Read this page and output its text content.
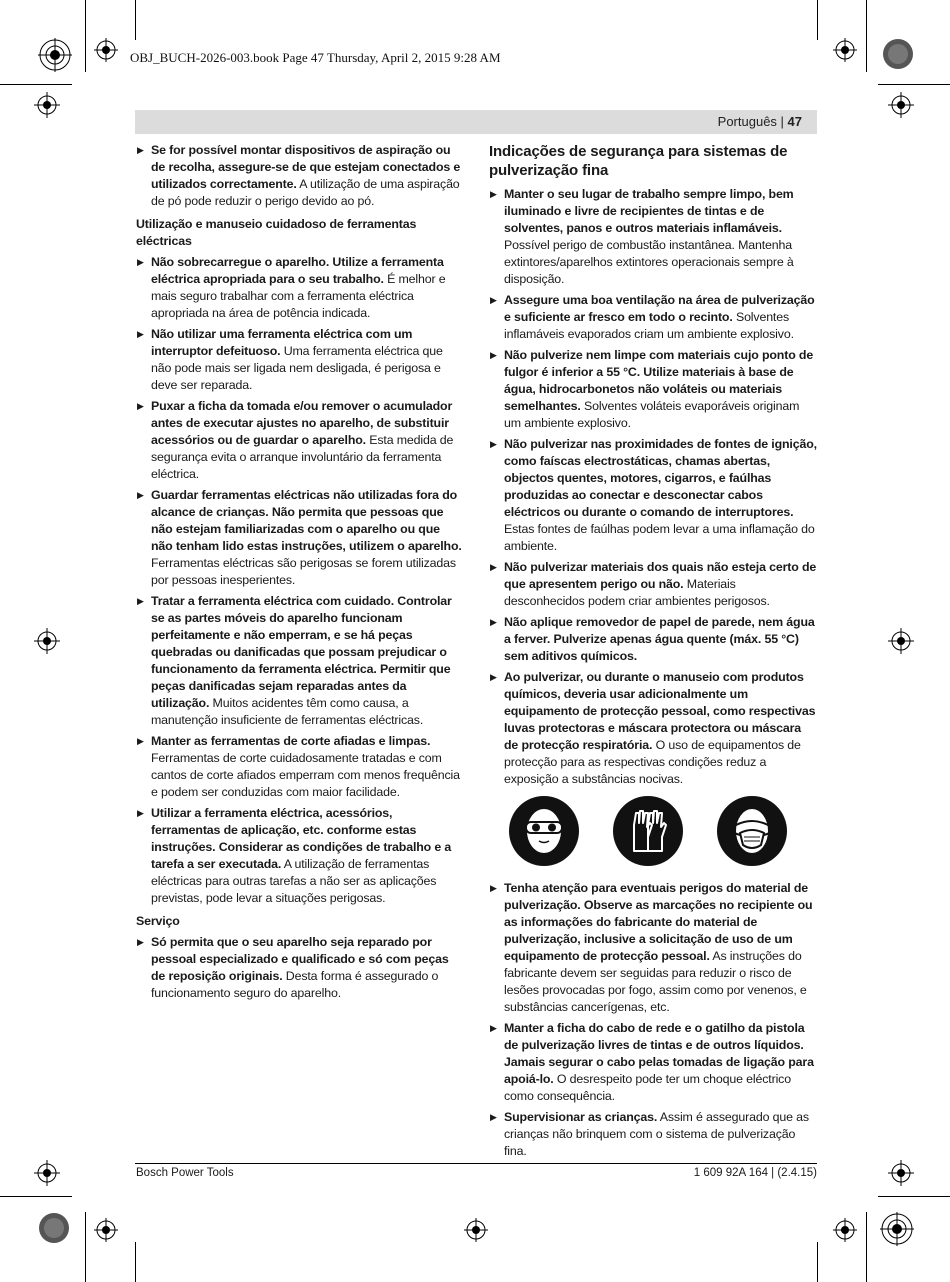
OBJ_BUCH-2026-003.book Page 47 Thursday, April 2, 2015 9:28 AM
Português | 47
▶ Se for possível montar dispositivos de aspiração ou de recolha, assegure-se de que estejam conectados e utilizados correctamente. A utilização de uma aspiração de pó pode reduzir o perigo devido ao pó.
Utilização e manuseio cuidadoso de ferramentas eléctricas
▶ Não sobrecarregue o aparelho. Utilize a ferramenta eléctrica apropriada para o seu trabalho. É melhor e mais seguro trabalhar com a ferramenta eléctrica apropriada na área de potência indicada.
▶ Não utilizar uma ferramenta eléctrica com um interruptor defeituoso. Uma ferramenta eléctrica que não pode mais ser ligada nem desligada, é perigosa e deve ser reparada.
▶ Puxar a ficha da tomada e/ou remover o acumulador antes de executar ajustes no aparelho, de substituir acessórios ou de guardar o aparelho. Esta medida de segurança evita o arranque involuntário da ferramenta eléctrica.
▶ Guardar ferramentas eléctricas não utilizadas fora do alcance de crianças. Não permita que pessoas que não estejam familiarizadas com o aparelho ou que não tenham lido estas instruções, utilizem o aparelho. Ferramentas eléctricas são perigosas se forem utilizadas por pessoas inesperientes.
▶ Tratar a ferramenta eléctrica com cuidado. Controlar se as partes móveis do aparelho funcionam perfeitamente e não emperram, e se há peças quebradas ou danificadas que possam prejudicar o funcionamento da ferramenta eléctrica. Permitir que peças danificadas sejam reparadas antes da utilização. Muitos acidentes têm como causa, a manutenção insuficiente de ferramentas eléctricas.
▶ Manter as ferramentas de corte afiadas e limpas. Ferramentas de corte cuidadosamente tratadas e com cantos de corte afiados emperram com menos frequência e podem ser conduzidas com maior facilidade.
▶ Utilizar a ferramenta eléctrica, acessórios, ferramentas de aplicação, etc. conforme estas instruções. Considerar as condições de trabalho e a tarefa a ser executada. A utilização de ferramentas eléctricas para outras tarefas a não ser as aplicações previstas, pode levar a situações perigosas.
Serviço
▶ Só permita que o seu aparelho seja reparado por pessoal especializado e qualificado e só com peças de reposição originais. Desta forma é assegurado o funcionamento seguro do aparelho.
Indicações de segurança para sistemas de pulverização fina
▶ Manter o seu lugar de trabalho sempre limpo, bem iluminado e livre de recipientes de tintas e de solventes, panos e outros materiais inflamáveis. Possível perigo de combustão instantânea. Mantenha extintores/aparelhos extintores operacionais sempre à disposição.
▶ Assegure uma boa ventilação na área de pulverização e suficiente ar fresco em todo o recinto. Solventes inflamáveis evaporados criam um ambiente explosivo.
▶ Não pulverize nem limpe com materiais cujo ponto de fulgor é inferior a 55 °C. Utilize materiais à base de água, hidrocarbonetos não voláteis ou materiais semelhantes. Solventes voláteis evaporáveis originam um ambiente explosivo.
▶ Não pulverizar nas proximidades de fontes de ignição, como faíscas electrostáticas, chamas abertas, objectos quentes, motores, cigarros, e faúlhas produzidas ao conectar e desconectar cabos eléctricos ou durante o comando de interruptores. Estas fontes de faúlhas podem levar a uma inflamação do ambiente.
▶ Não pulverizar materiais dos quais não esteja certo de que apresentem perigo ou não. Materiais desconhecidos podem criar ambientes perigosos.
▶ Não aplique removedor de papel de parede, nem água a ferver. Pulverize apenas água quente (máx. 55 °C) sem aditivos químicos.
▶ Ao pulverizar, ou durante o manuseio com produtos químicos, deveria usar adicionalmente um equipamento de protecção pessoal, como respectivas luvas protectoras e máscara protectora ou máscara de protecção respiratória. O uso de equipamentos de protecção para as respectivas condições reduz a exposição a substâncias nocivas.
▶ Tenha atenção para eventuais perigos do material de pulverização. Observe as marcações no recipiente ou as informações do fabricante do material de pulverização, inclusive a solicitação de uso de um equipamento de protecção pessoal. As instruções do fabricante devem ser seguidas para reduzir o risco de lesões provocadas por fogo, assim como por venenos, e substâncias cancerígenas, etc.
▶ Manter a ficha do cabo de rede e o gatilho da pistola de pulverização livres de tintas e de outros líquidos. Jamais segurar o cabo pelas tomadas de ligação para apoiá-lo. O desrespeito pode ter um choque eléctrico como consequência.
▶ Supervisionar as crianças. Assim é assegurado que as crianças não brinquem com o sistema de pulverização fina.
Bosch Power Tools	1 609 92A 164 | (2.4.15)
